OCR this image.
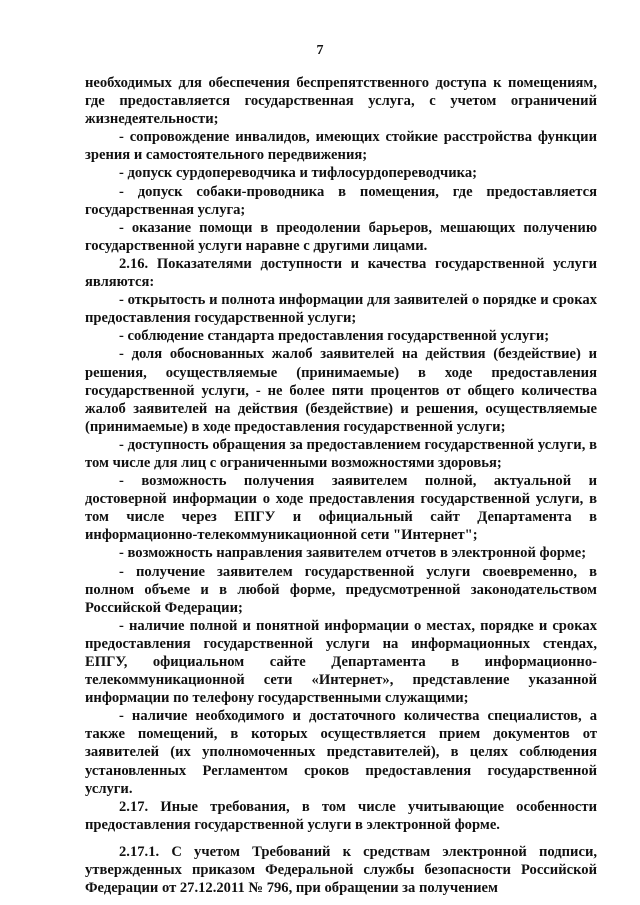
7

необходимых для обеспечения беспрепятственного доступа к помещениям, где предоставляется государственная услуга, с учетом ограничений жизнедеятельности;

- сопровождение инвалидов, имеющих стойкие расстройства функции зрения и самостоятельного передвижения;

- допуск сурдопереводчика и тифлосурдопереводчика;

- допуск собаки-проводника в помещения, где предоставляется государственная услуга;

- оказание помощи в преодолении барьеров, мешающих получению государственной услуги наравне с другими лицами.

2.16. Показателями доступности и качества государственной услуги являются:

- открытость и полнота информации для заявителей о порядке и сроках предоставления государственной услуги;

- соблюдение стандарта предоставления государственной услуги;

- доля обоснованных жалоб заявителей на действия (бездействие) и решения, осуществляемые (принимаемые) в ходе предоставления государственной услуги, - не более пяти процентов от общего количества жалоб заявителей на действия (бездействие) и решения, осуществляемые (принимаемые) в ходе предоставления государственной услуги;

- доступность обращения за предоставлением государственной услуги, в том числе для лиц с ограниченными возможностями здоровья;

- возможность получения заявителем полной, актуальной и достоверной информации о ходе предоставления государственной услуги, в том числе через ЕПГУ и официальный сайт Департамента в информационно-телекоммуникационной сети "Интернет";

- возможность направления заявителем отчетов в электронной форме;

- получение заявителем государственной услуги своевременно, в полном объеме и в любой форме, предусмотренной законодательством Российской Федерации;

- наличие полной и понятной информации о местах, порядке и сроках предоставления государственной услуги на информационных стендах, ЕПГУ, официальном сайте Департамента в информационно-телекоммуникационной сети «Интернет», представление указанной информации по телефону государственными служащими;

- наличие необходимого и достаточного количества специалистов, а также помещений, в которых осуществляется прием документов от заявителей (их уполномоченных представителей), в целях соблюдения установленных Регламентом сроков предоставления государственной услуги.

2.17. Иные требования, в том числе учитывающие особенности предоставления государственной услуги в электронной форме.

2.17.1. С учетом Требований к средствам электронной подписи, утвержденных приказом Федеральной службы безопасности Российской Федерации от 27.12.2011 № 796, при обращении за получением
